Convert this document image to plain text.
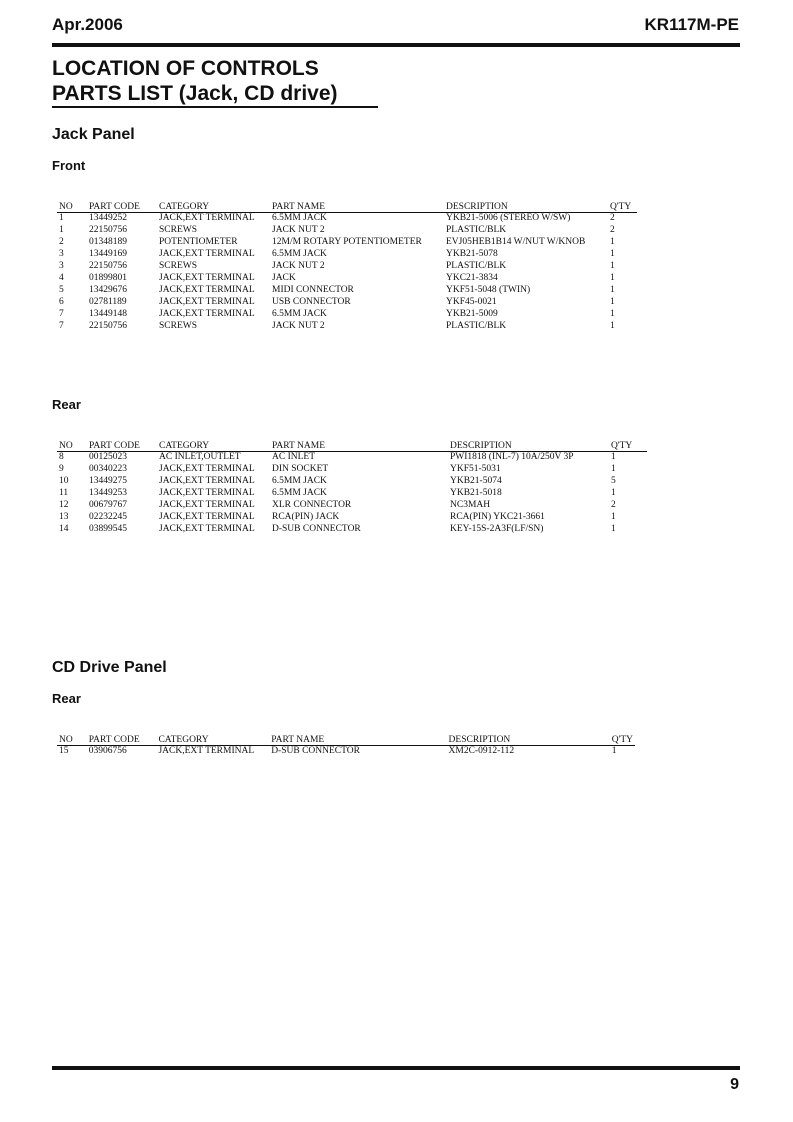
Apr.2006	KR117M-PE
LOCATION OF CONTROLS
PARTS LIST (Jack, CD drive)
Jack Panel
Front
NO	PART CODE	CATEGORY	PART NAME	DESCRIPTION	Q'TY
1	13449252	JACK,EXT TERMINAL	6.5MM JACK	YKB21-5006 (STEREO W/SW)	2
1	22150756	SCREWS	JACK NUT 2	PLASTIC/BLK	2
2	01348189	POTENTIOMETER	12M/M ROTARY POTENTIOMETER	EVJ05HEB1B14 W/NUT W/KNOB	1
3	13449169	JACK,EXT TERMINAL	6.5MM JACK	YKB21-5078	1
3	22150756	SCREWS	JACK NUT 2	PLASTIC/BLK	1
4	01899801	JACK,EXT TERMINAL	JACK	YKC21-3834	1
5	13429676	JACK,EXT TERMINAL	MIDI CONNECTOR	YKF51-5048 (TWIN)	1
6	02781189	JACK,EXT TERMINAL	USB CONNECTOR	YKF45-0021	1
7	13449148	JACK,EXT TERMINAL	6.5MM JACK	YKB21-5009	1
7	22150756	SCREWS	JACK NUT 2	PLASTIC/BLK	1
Rear
NO	PART CODE	CATEGORY	PART NAME	DESCRIPTION	Q'TY
8	00125023	AC INLET,OUTLET	AC INLET	PWI1818 (INL-7) 10A/250V 3P	1
9	00340223	JACK,EXT TERMINAL	DIN SOCKET	YKF51-5031	1
10	13449275	JACK,EXT TERMINAL	6.5MM JACK	YKB21-5074	5
11	13449253	JACK,EXT TERMINAL	6.5MM JACK	YKB21-5018	1
12	00679767	JACK,EXT TERMINAL	XLR CONNECTOR	NC3MAH	2
13	02232245	JACK,EXT TERMINAL	RCA(PIN) JACK	RCA(PIN) YKC21-3661	1
14	03899545	JACK,EXT TERMINAL	D-SUB CONNECTOR	KEY-15S-2A3F(LF/SN)	1
CD Drive Panel
Rear
NO	PART CODE	CATEGORY	PART NAME	DESCRIPTION	Q'TY
15	03906756	JACK,EXT TERMINAL	D-SUB CONNECTOR	XM2C-0912-112	1
9
